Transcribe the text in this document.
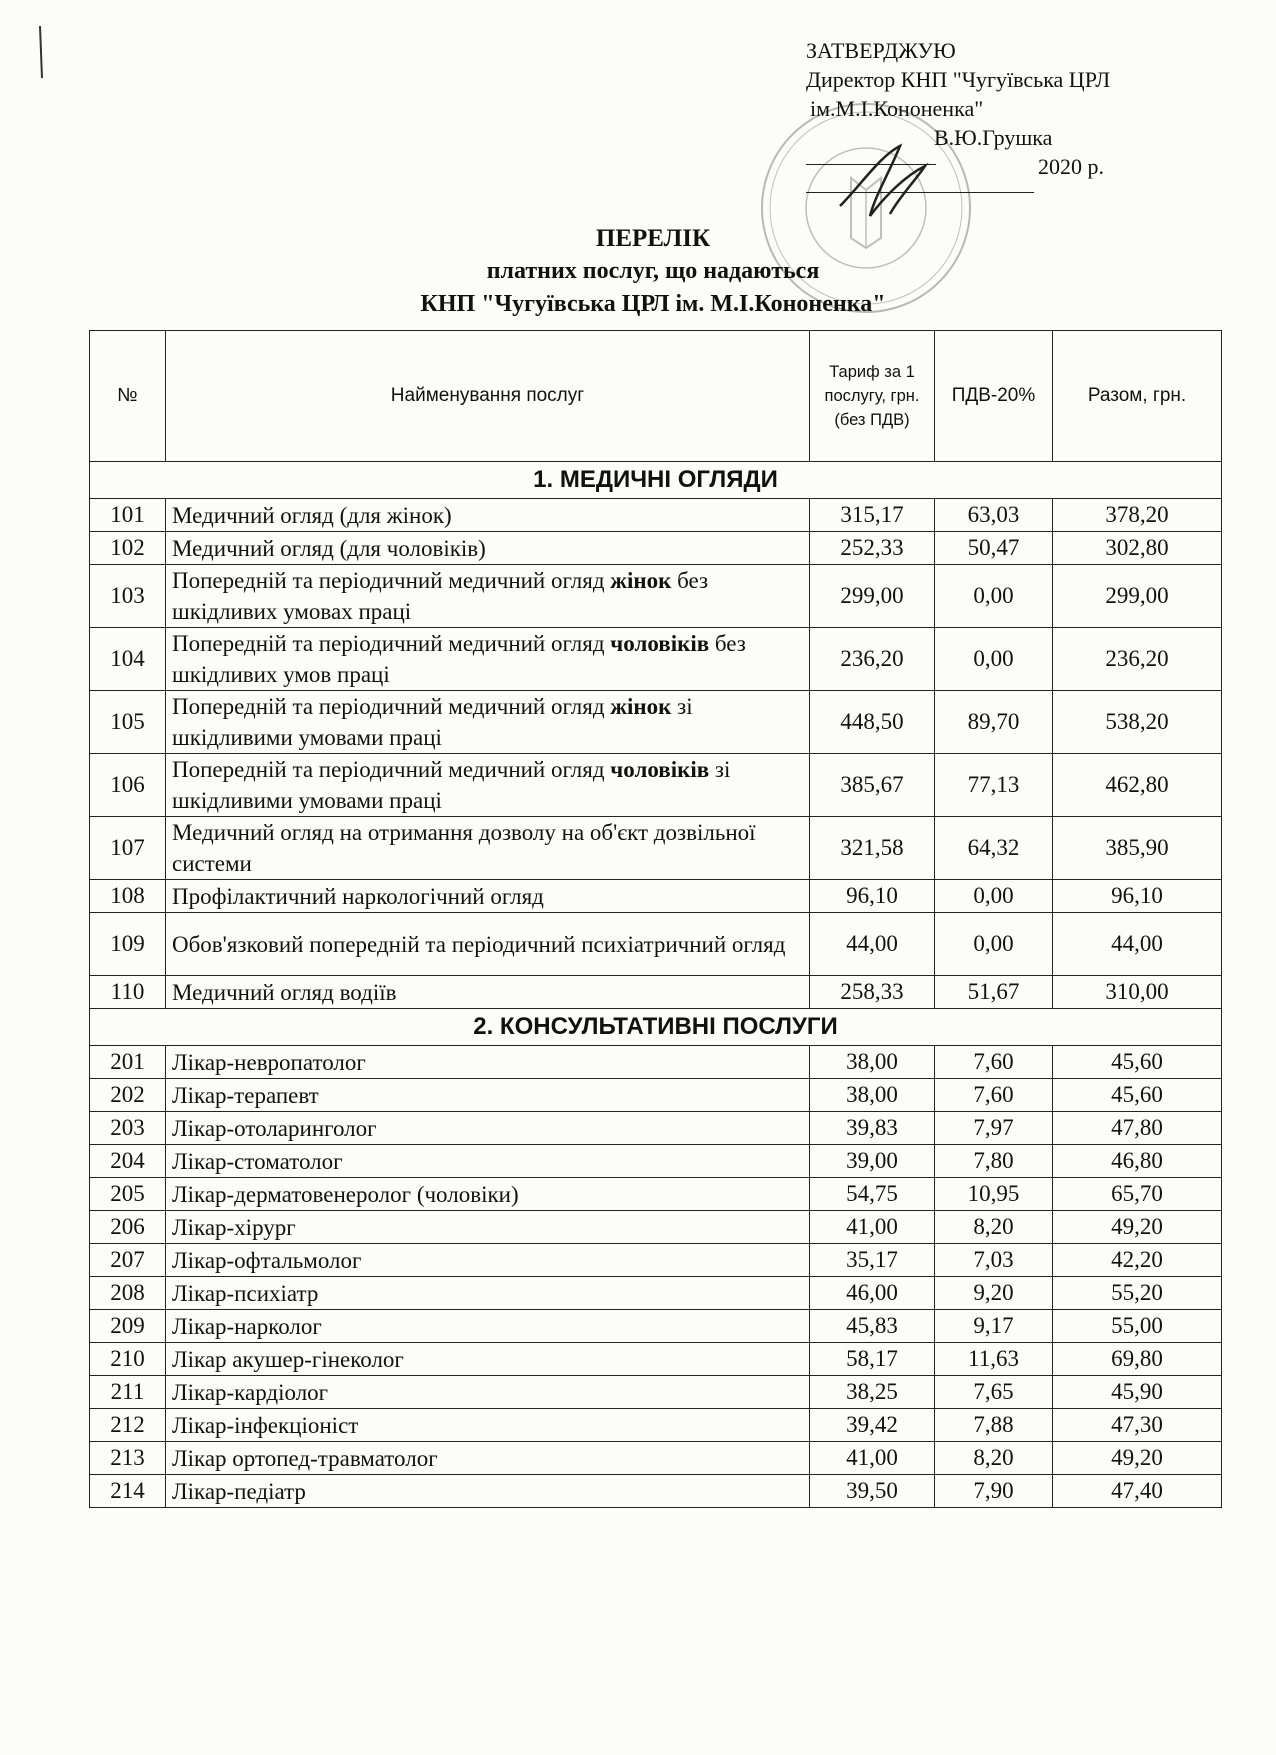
ЗАТВЕРДЖУЮ
Директор КНП "Чугуївська ЦРЛ
ім.М.І.Кононенка"
В.Ю.Грушка
2020 р.
ПЕРЕЛІК
платних послуг, що надаються
КНП "Чугуївська ЦРЛ ім. М.І.Кононенка"
№	Найменування послуг	Тариф за 1 послугу, грн. (без ПДВ)	ПДВ-20%	Разом, грн.
1. МЕДИЧНІ ОГЛЯДИ				
101	Медичний огляд (для жінок)	315,17	63,03	378,20
102	Медичний огляд (для чоловіків)	252,33	50,47	302,80
103	Попередній та періодичний медичний огляд жінок без шкідливих умовах праці	299,00	0,00	299,00
104	Попередній та періодичний медичний огляд чоловіків без шкідливих умов праці	236,20	0,00	236,20
105	Попередній та періодичний медичний огляд жінок зі шкідливими умовами праці	448,50	89,70	538,20
106	Попередній та періодичний медичний огляд чоловіків зі шкідливими умовами праці	385,67	77,13	462,80
107	Медичний огляд на отримання дозволу на об'єкт дозвільної системи	321,58	64,32	385,90
108	Профілактичний наркологічний огляд	96,10	0,00	96,10
109	Обов'язковий попередній та періодичний психіатричний огляд	44,00	0,00	44,00
110	Медичний огляд водіїв	258,33	51,67	310,00
2. КОНСУЛЬТАТИВНІ ПОСЛУГИ				
201	Лікар-невропатолог	38,00	7,60	45,60
202	Лікар-терапевт	38,00	7,60	45,60
203	Лікар-отоларинголог	39,83	7,97	47,80
204	Лікар-стоматолог	39,00	7,80	46,80
205	Лікар-дерматовенеролог (чоловіки)	54,75	10,95	65,70
206	Лікар-хірург	41,00	8,20	49,20
207	Лікар-офтальмолог	35,17	7,03	42,20
208	Лікар-психіатр	46,00	9,20	55,20
209	Лікар-нарколог	45,83	9,17	55,00
210	Лікар акушер-гінеколог	58,17	11,63	69,80
211	Лікар-кардіолог	38,25	7,65	45,90
212	Лікар-інфекціоніст	39,42	7,88	47,30
213	Лікар ортопед-травматолог	41,00	8,20	49,20
214	Лікар-педіатр	39,50	7,90	47,40
